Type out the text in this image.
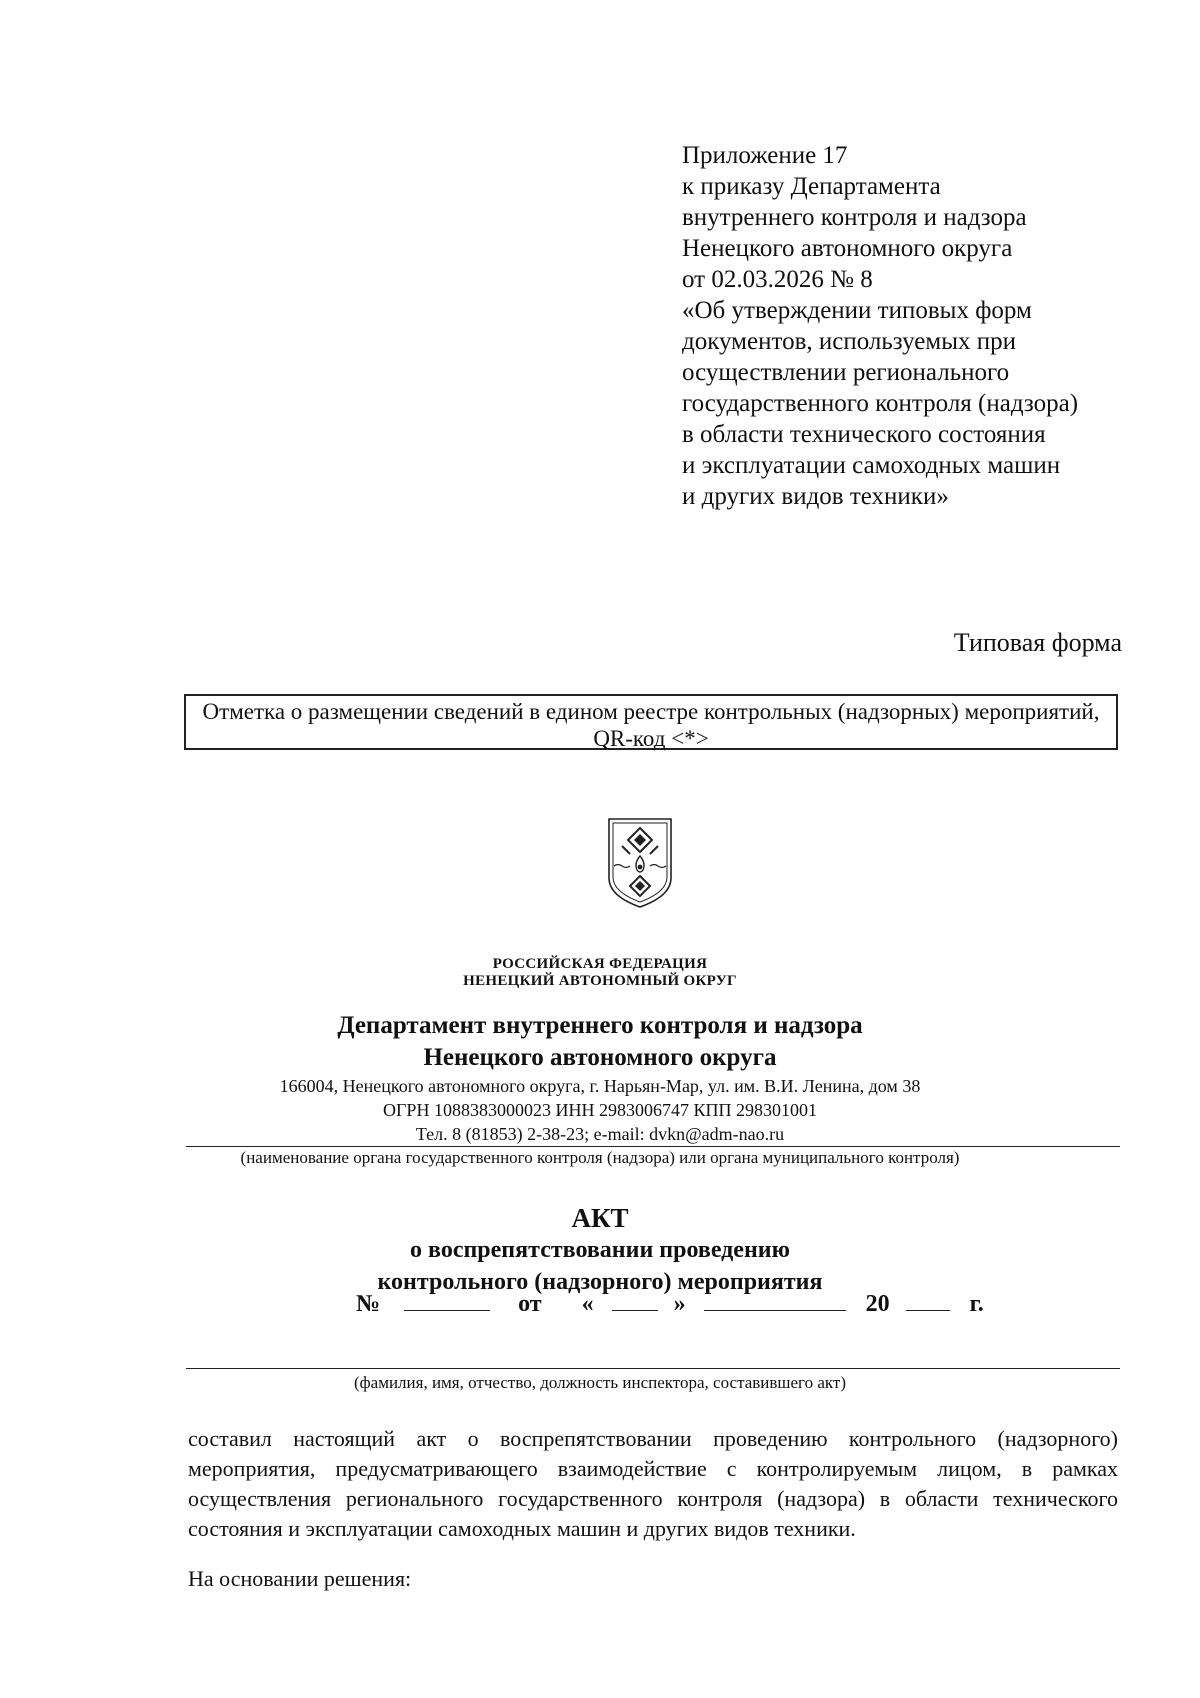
Приложение 17
к приказу Департамента
внутреннего контроля и надзора
Ненецкого автономного округа
от 02.03.2026 № 8
«Об утверждении типовых форм
документов, используемых при
осуществлении регионального
государственного контроля (надзора)
в области технического состояния
и эксплуатации самоходных машин
и других видов техники»
Типовая форма
Отметка о размещении сведений в едином реестре контрольных (надзорных) мероприятий,
QR-код <*>
РОССИЙСКАЯ ФЕДЕРАЦИЯ
НЕНЕЦКИЙ АВТОНОМНЫЙ ОКРУГ
Департамент внутреннего контроля и надзора
Ненецкого автономного округа
166004, Ненецкого автономного округа, г. Нарьян-Мар, ул. им. В.И. Ленина, дом 38
ОГРН 1088383000023 ИНН 2983006747 КПП 298301001
Тел. 8 (81853) 2-38-23; e-mail: dvkn@adm-nao.ru
(наименование органа государственного контроля (надзора) или органа муниципального контроля)
АКТ
о воспрепятствовании проведению
контрольного (надзорного) мероприятия
№	от «	»	20	г.
(фамилия, имя, отчество, должность инспектора, составившего акт)
составил настоящий акт о воспрепятствовании проведению контрольного (надзорного) мероприятия, предусматривающего взаимодействие с контролируемым лицом, в рамках осуществления регионального государственного контроля (надзора) в области технического состояния и эксплуатации самоходных машин и других видов техники.
На основании решения:
